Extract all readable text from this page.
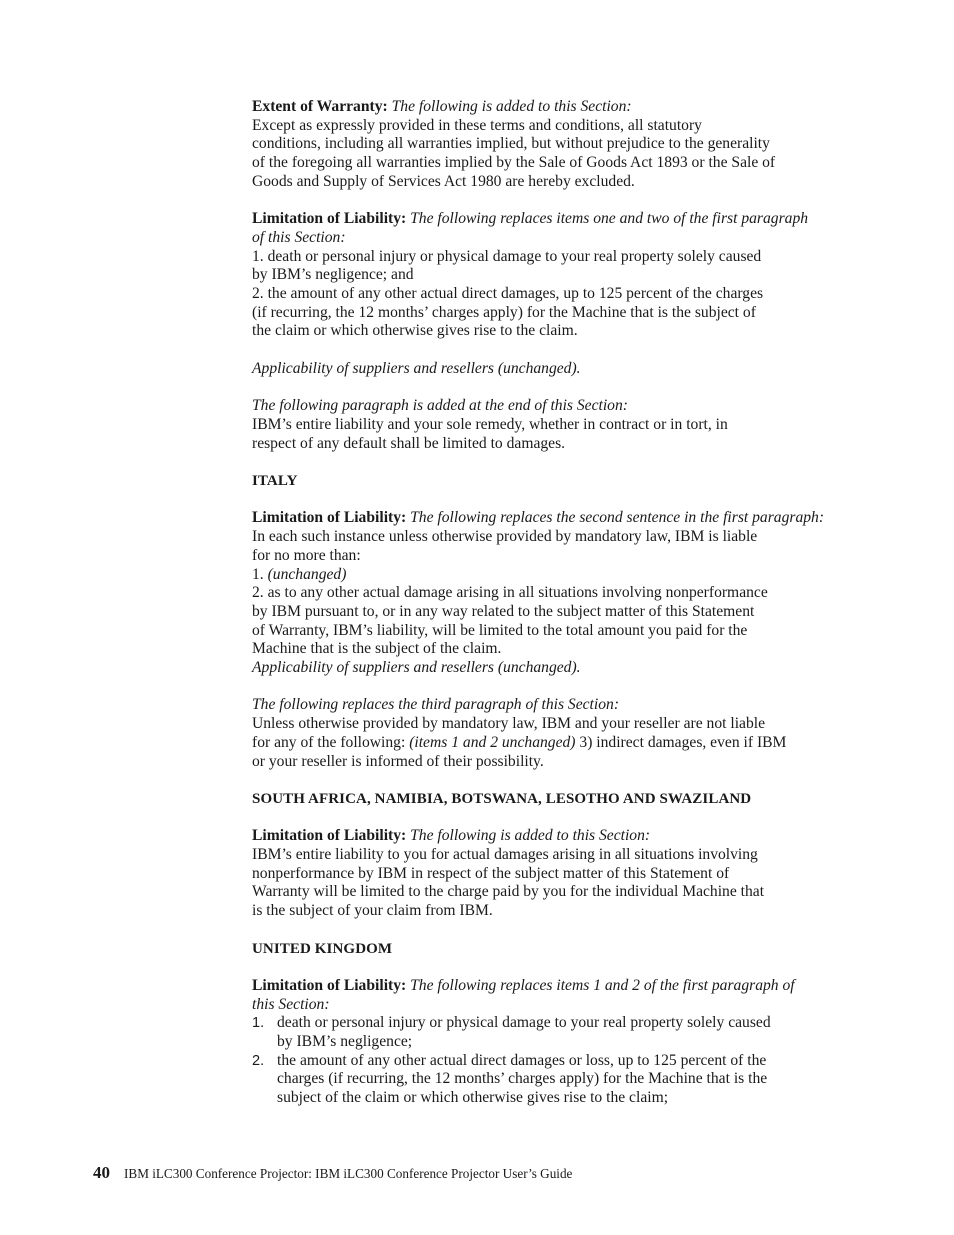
Extent of Warranty: The following is added to this Section:
Except as expressly provided in these terms and conditions, all statutory
conditions, including all warranties implied, but without prejudice to the generality
of the foregoing all warranties implied by the Sale of Goods Act 1893 or the Sale of
Goods and Supply of Services Act 1980 are hereby excluded.
Limitation of Liability: The following replaces items one and two of the first paragraph
of this Section:
1. death or personal injury or physical damage to your real property solely caused
by IBM’s negligence; and
2. the amount of any other actual direct damages, up to 125 percent of the charges
(if recurring, the 12 months’ charges apply) for the Machine that is the subject of
the claim or which otherwise gives rise to the claim.
Applicability of suppliers and resellers (unchanged).
The following paragraph is added at the end of this Section:
IBM’s entire liability and your sole remedy, whether in contract or in tort, in
respect of any default shall be limited to damages.
ITALY
Limitation of Liability: The following replaces the second sentence in the first paragraph:
In each such instance unless otherwise provided by mandatory law, IBM is liable
for no more than:
1. (unchanged)
2. as to any other actual damage arising in all situations involving nonperformance
by IBM pursuant to, or in any way related to the subject matter of this Statement
of Warranty, IBM’s liability, will be limited to the total amount you paid for the
Machine that is the subject of the claim.
Applicability of suppliers and resellers (unchanged).
The following replaces the third paragraph of this Section:
Unless otherwise provided by mandatory law, IBM and your reseller are not liable
for any of the following: (items 1 and 2 unchanged) 3) indirect damages, even if IBM
or your reseller is informed of their possibility.
SOUTH AFRICA, NAMIBIA, BOTSWANA, LESOTHO AND SWAZILAND
Limitation of Liability: The following is added to this Section:
IBM’s entire liability to you for actual damages arising in all situations involving
nonperformance by IBM in respect of the subject matter of this Statement of
Warranty will be limited to the charge paid by you for the individual Machine that
is the subject of your claim from IBM.
UNITED KINGDOM
Limitation of Liability: The following replaces items 1 and 2 of the first paragraph of
this Section:
1. death or personal injury or physical damage to your real property solely caused
by IBM’s negligence;
2. the amount of any other actual direct damages or loss, up to 125 percent of the
charges (if recurring, the 12 months’ charges apply) for the Machine that is the
subject of the claim or which otherwise gives rise to the claim;
40 IBM iLC300 Conference Projector: IBM iLC300 Conference Projector User’s Guide
